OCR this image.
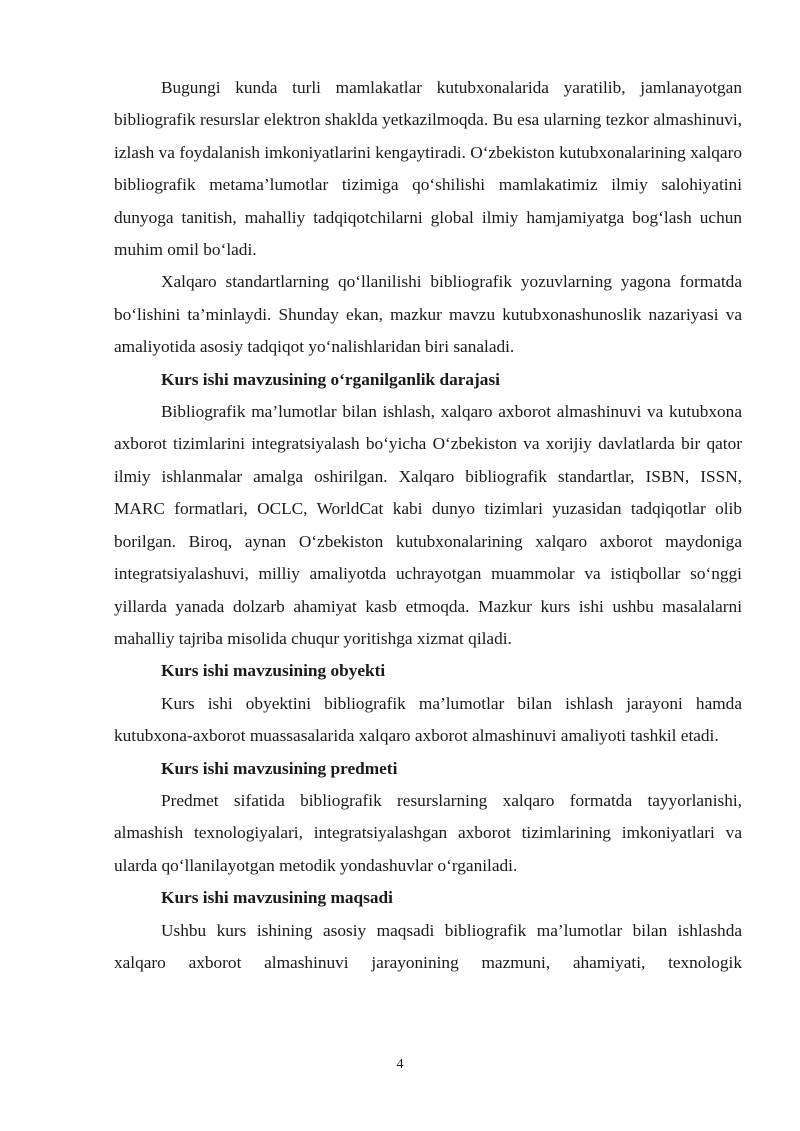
Bugungi kunda turli mamlakatlar kutubxonalarida yaratilib, jamlanayotgan bibliografik resurslar elektron shaklda yetkazilmoqda. Bu esa ularning tezkor almashinuvi, izlash va foydalanish imkoniyatlarini kengaytiradi. O‘zbekiston kutubxonalarining xalqaro bibliografik metama’lumotlar tizimiga qo‘shilishi mamlakatimiz ilmiy salohiyatini dunyoga tanitish, mahalliy tadqiqotchilarni global ilmiy hamjamiyatga bog‘lash uchun muhim omil bo‘ladi.

Xalqaro standartlarning qo‘llanilishi bibliografik yozuvlarning yagona formatda bo‘lishini ta’minlaydi. Shunday ekan, mazkur mavzu kutubxonashunoslik nazariyasi va amaliyotida asosiy tadqiqot yo‘nalishlaridan biri sanaladi.

Kurs ishi mavzusining o‘rganilganlik darajasi

Bibliografik ma’lumotlar bilan ishlash, xalqaro axborot almashinuvi va kutubxona axborot tizimlarini integratsiyalash bo‘yicha O‘zbekiston va xorijiy davlatlarda bir qator ilmiy ishlanmalar amalga oshirilgan. Xalqaro bibliografik standartlar, ISBN, ISSN, MARC formatlari, OCLC, WorldCat kabi dunyo tizimlari yuzasidan tadqiqotlar olib borilgan. Biroq, aynan O‘zbekiston kutubxonalarining xalqaro axborot maydoniga integratsiyalashuvi, milliy amaliyotda uchrayotgan muammolar va istiqbollar so‘nggi yillarda yanada dolzarb ahamiyat kasb etmoqda. Mazkur kurs ishi ushbu masalalarni mahalliy tajriba misolida chuqur yoritishga xizmat qiladi.

Kurs ishi mavzusining obyekti

Kurs ishi obyektini bibliografik ma’lumotlar bilan ishlash jarayoni hamda kutubxona-axborot muassasalarida xalqaro axborot almashinuvi amaliyoti tashkil etadi.

Kurs ishi mavzusining predmeti

Predmet sifatida bibliografik resurslarning xalqaro formatda tayyorlanishi, almashish texnologiyalari, integratsiyalashgan axborot tizimlarining imkoniyatlari va ularda qo‘llanilayotgan metodik yondashuvlar o‘rganiladi.

Kurs ishi mavzusining maqsadi

Ushbu kurs ishining asosiy maqsadi bibliografik ma’lumotlar bilan ishlashda xalqaro axborot almashinuvi jarayonining mazmuni, ahamiyati, texnologik

4
